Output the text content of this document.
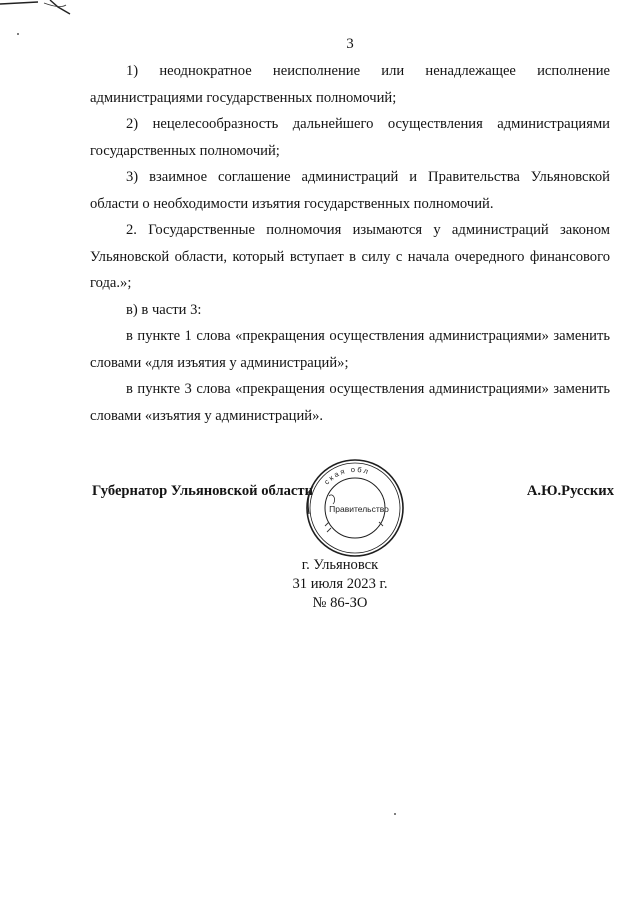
3

1) неоднократное неисполнение или ненадлежащее исполнение администрациями государственных полномочий;

2) нецелесообразность дальнейшего осуществления администрациями государственных полномочий;

3) взаимное соглашение администраций и Правительства Ульяновской области о необходимости изъятия государственных полномочий.

2. Государственные полномочия изымаются у администраций законом Ульяновской области, который вступает в силу с начала очередного финансового года.»;

в) в части 3:

в пункте 1 слова «прекращения осуществления администрациями» заменить словами «для изъятия у администраций»;

в пункте 3 слова «прекращения осуществления администрациями» заменить словами «изъятия у администраций».

Губернатор Ульяновской области	А.Ю.Русских
ская обл
Правительство
г. Ульяновск
31 июля 2023 г.
№ 86-ЗО
